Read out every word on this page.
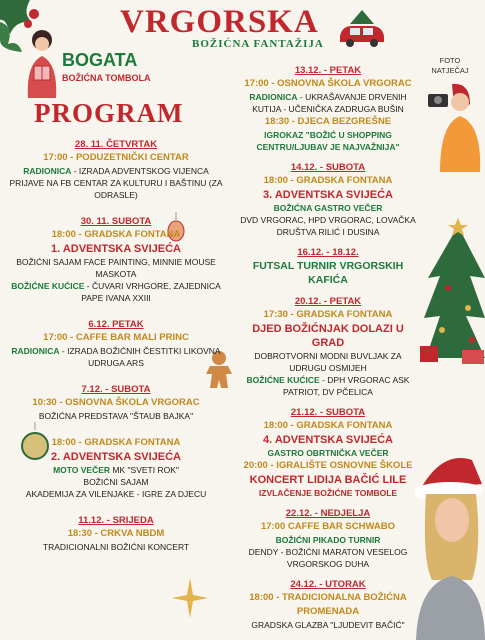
VRGORSKA
BOŽIĆNA FANTAŽIJA
BOGATA
BOŽIĆNA TOMBOLA
PROGRAM
FOTO NATJEČAJ
28. 11. ČETVRTAK
17:00 - PODUZETNIČKI CENTAR
RADIONICA - IZRADA ADVENTSKOG VIJENCA
PRIJAVE NA FB CENTAR ZA KULTURU I BAŠTINU (ZA ODRASLE)
30. 11. SUBOTA
18:00 - GRADSKA FONTANA
1. ADVENTSKA SVIJEĆA
BOŽIĆNI SAJAM FACE PAINTING, MINNIE MOUSE MASKOTA
BOŽIĆNE KUĆICE - ČUVARI VRHGORE, ZAJEDNICA PAPE IVANA XXIII
6.12. PETAK
17:00 - CAFFE BAR MALI PRINC
RADIONICA - IZRADA BOŽIĆNIH ČESTITKI LIKOVNA UDRUGA ARS
7.12. - SUBOTA
10:30 - OSNOVNA ŠKOLA VRGORAC
BOŽIĆNA PREDSTAVA "ŠTAUB BAJKA"
18:00 - GRADSKA FONTANA
2. ADVENTSKA SVIJEĆA
MOTO VEČER MK "SVETI ROK"
BOŽIĆNI SAJAM
AKADEMIJA ZA VILENJAKE - IGRE ZA DJECU
11.12. - SRIJEDA
18:30 - CRKVA NBDM
TRADICIONALNI BOŽIĆNI KONCERT
13.12. - PETAK
17:00 - OSNOVNA ŠKOLA VRGORAC
RADIONICA - UKRAŠAVANJE DRVENIH KUTIJA - UČENIČKA ZADRUGA BUŠIN
18:30 - DJECA BEZGREŠNE
IGROKAZ "BOŽIĆ U SHOPPING CENTRU/LJUBAV JE NAJVAŽNIJA"
14.12. - SUBOTA
18:00 - GRADSKA FONTANA
3. ADVENTSKA SVIJEĆA
BOŽIĆNA GASTRO VEČER
DVD VRGORAC, HPD VRGORAC, LOVAČKA DRUŠTVA RILIĆ I DUSINA
16.12. - 18.12.
FUTSAL TURNIR VRGORSKIH KAFIĆA
20.12. - PETAK
17:30 - GRADSKA FONTANA
DJED BOŽIĆNJAK DOLAZI U GRAD
DOBROTVORNI MODNI BUVLJAK ZA UDRUGU OSMIJEH
BOŽIĆNE KUĆICE - DPH VRGORAC ASK PATRIOT, DV PČELICA
21.12. - SUBOTA
18:00 - GRADSKA FONTANA
4. ADVENTSKA SVIJEĆA
GASTRO OBRTNIČKA VEČER
20:00 - IGRALIŠTE OSNOVNE ŠKOLE
KONCERT LIDIJA BAČIĆ LILE
IZVLAČENJE BOŽIĆNE TOMBOLE
22.12. - NEDJELJA
17:00 CAFFE BAR SCHWABO
BOŽIĆNI PIKADO TURNIR
DENDY - BOŽIĆNI MARATON VESELOG VRGORSKOG DUHA
24.12. - UTORAK
18:00 - TRADICIONALNA BOŽIĆNA PROMENADA
GRADSKA GLAZBA "LJUDEVIT BAČIĆ"
